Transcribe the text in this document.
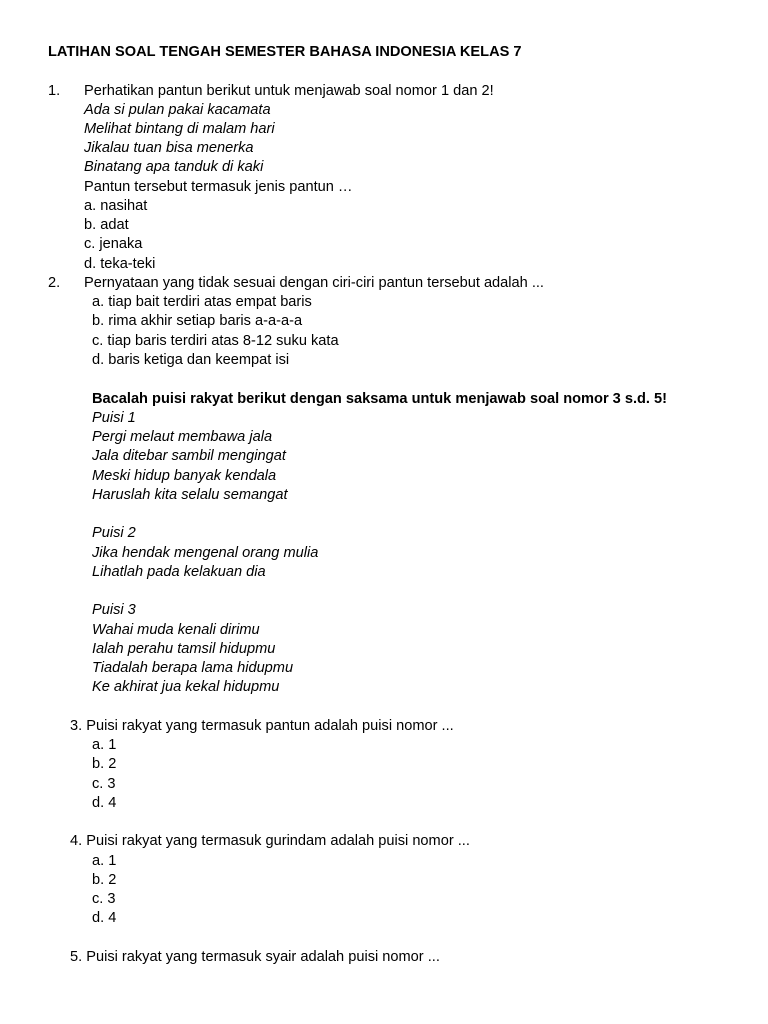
LATIHAN SOAL TENGAH SEMESTER BAHASA INDONESIA KELAS 7
1. Perhatikan pantun berikut untuk menjawab soal nomor 1 dan 2!
Ada si pulan pakai kacamata
Melihat bintang di malam hari
Jikalau tuan bisa menerka
Binatang apa tanduk di kaki
Pantun tersebut termasuk jenis pantun …
a. nasihat
b. adat
c. jenaka
d. teka-teki
2. Pernyataan yang tidak sesuai dengan ciri-ciri pantun tersebut adalah ...
a. tiap bait terdiri atas empat baris
b. rima akhir setiap baris a-a-a-a
c. tiap baris terdiri atas 8-12 suku kata
d. baris ketiga dan keempat isi
Bacalah puisi rakyat berikut dengan saksama untuk menjawab soal nomor 3 s.d. 5!
Puisi 1
Pergi melaut membawa jala
Jala ditebar sambil mengingat
Meski hidup banyak kendala
Haruslah kita selalu semangat
Puisi 2
Jika hendak mengenal orang mulia
Lihatlah pada kelakuan dia
Puisi 3
Wahai muda kenali dirimu
Ialah perahu tamsil hidupmu
Tiadalah berapa lama hidupmu
Ke akhirat jua kekal hidupmu
3. Puisi rakyat yang termasuk pantun adalah puisi nomor ...
a. 1
b. 2
c. 3
d. 4
4. Puisi rakyat yang termasuk gurindam adalah puisi nomor ...
a. 1
b. 2
c. 3
d. 4
5. Puisi rakyat yang termasuk syair adalah puisi nomor ...
